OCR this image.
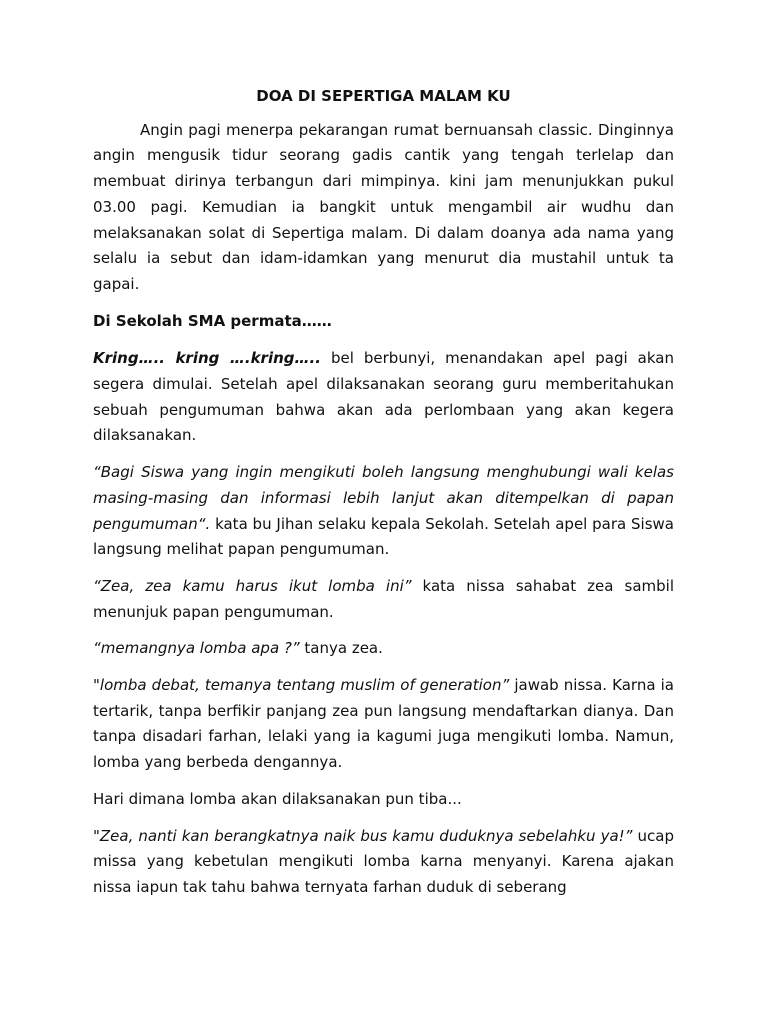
DOA DI SEPERTIGA MALAM KU

Angin pagi menerpa pekarangan rumat bernuansah classic. Dinginnya angin mengusik tidur seorang gadis cantik yang tengah terlelap dan membuat dirinya terbangun dari mimpinya. kini jam menunjukkan pukul 03.00 pagi. Kemudian ia bangkit untuk mengambil air wudhu dan melaksanakan solat di Sepertiga malam. Di dalam doanya ada nama yang selalu ia sebut dan idam-idamkan yang menurut dia mustahil untuk ta gapai.

Di Sekolah SMA permata……

Kring….. kring ….kring….. bel berbunyi, menandakan apel pagi akan segera dimulai. Setelah apel dilaksanakan seorang guru memberitahukan sebuah pengumuman bahwa akan ada perlombaan yang akan kegera dilaksanakan.

“Bagi Siswa yang ingin mengikuti boleh langsung menghubungi wali kelas masing-masing dan informasi lebih lanjut akan ditempelkan di papan pengumuman“. kata bu Jihan selaku kepala Sekolah. Setelah apel para Siswa langsung melihat papan pengumuman.

“Zea, zea kamu harus ikut lomba ini” kata nissa sahabat zea sambil menunjuk papan pengumuman.

“memangnya lomba apa ?” tanya zea.

"lomba debat, temanya tentang muslim of generation” jawab nissa. Karna ia tertarik, tanpa berfikir panjang zea pun langsung mendaftarkan dianya. Dan tanpa disadari farhan, lelaki yang ia kagumi juga mengikuti lomba. Namun, lomba yang berbeda dengannya.

Hari dimana lomba akan dilaksanakan pun tiba...

"Zea, nanti kan berangkatnya naik bus kamu duduknya sebelahku ya!” ucap missa yang kebetulan mengikuti lomba karna menyanyi. Karena ajakan nissa iapun tak tahu bahwa ternyata farhan duduk di seberang
